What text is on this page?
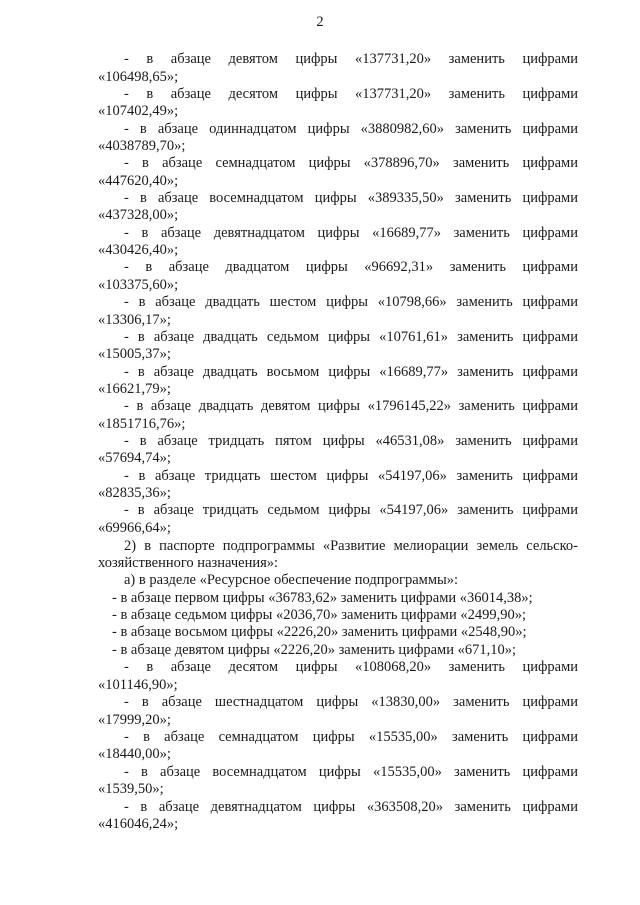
2
- в абзаце девятом цифры «137731,20» заменить цифрами
«106498,65»;
- в абзаце десятом цифры «137731,20» заменить цифрами
«107402,49»;
- в абзаце одиннадцатом цифры «3880982,60» заменить цифрами
«4038789,70»;
- в абзаце семнадцатом цифры «378896,70» заменить цифрами
«447620,40»;
- в абзаце восемнадцатом цифры «389335,50» заменить цифрами
«437328,00»;
- в абзаце девятнадцатом цифры «16689,77» заменить цифрами
«430426,40»;
- в абзаце двадцатом цифры «96692,31» заменить цифрами
«103375,60»;
- в абзаце двадцать шестом цифры «10798,66» заменить цифрами
«13306,17»;
- в абзаце двадцать седьмом цифры «10761,61» заменить цифрами
«15005,37»;
- в абзаце двадцать восьмом цифры «16689,77» заменить цифрами
«16621,79»;
- в абзаце двадцать девятом цифры «1796145,22» заменить цифрами
«1851716,76»;
- в абзаце тридцать пятом цифры «46531,08» заменить цифрами
«57694,74»;
- в абзаце тридцать шестом цифры «54197,06» заменить цифрами
«82835,36»;
- в абзаце тридцать седьмом цифры «54197,06» заменить цифрами
«69966,64»;
2) в паспорте подпрограммы «Развитие мелиорации земель сельско-
хозяйственного назначения»:
а) в разделе «Ресурсное обеспечение подпрограммы»:
- в абзаце первом цифры «36783,62» заменить цифрами «36014,38»;
- в абзаце седьмом цифры «2036,70» заменить цифрами «2499,90»;
- в абзаце восьмом цифры «2226,20» заменить цифрами «2548,90»;
- в абзаце девятом цифры «2226,20» заменить цифрами «671,10»;
- в абзаце десятом цифры «108068,20» заменить цифрами
«101146,90»;
- в абзаце шестнадцатом цифры «13830,00» заменить цифрами
«17999,20»;
- в абзаце семнадцатом цифры «15535,00» заменить цифрами
«18440,00»;
- в абзаце восемнадцатом цифры «15535,00» заменить цифрами
«1539,50»;
- в абзаце девятнадцатом цифры «363508,20» заменить цифрами
«416046,24»;
